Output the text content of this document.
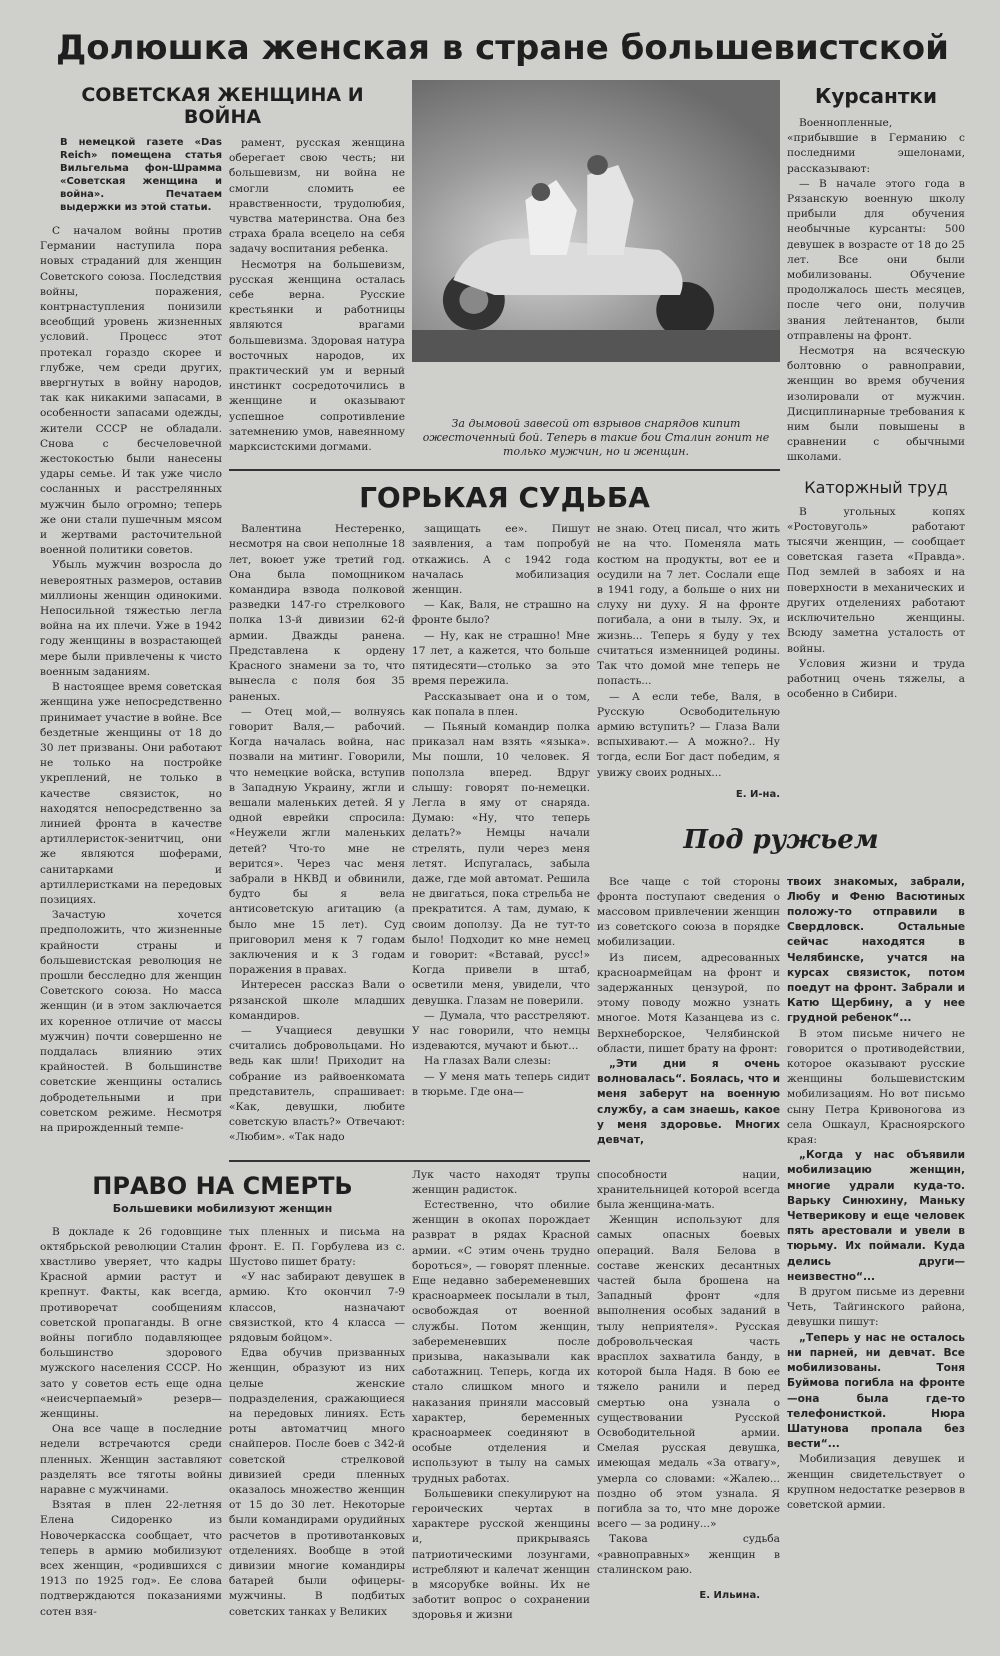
Долюшка женская в стране большевистской
СОВЕТСКАЯ ЖЕНЩИНА И ВОЙНА

В немецкой газете «Das Reich» помещена статья Вильгельма фон-Шрамма «Советская женщина и война». Печатаем выдержки из этой статьи.

С началом войны против Германии наступила пора новых страданий для женщин Советского союза. Последствия войны, поражения, контрнаступления понизили всеобщий уровень жизненных условий. Процесс этот протекал гораздо скорее и глубже, чем среди других, ввергнутых в войну народов, так как никакими запасами, в особенности запасами одежды, жители СССР не обладали. Снова с бесчеловечной жестокостью были нанесены удары семье. И так уже число сосланных и расстрелянных мужчин было огромно; теперь же они стали пушечным мясом и жертвами расточительной военной политики советов.

Убыль мужчин возросла до невероятных размеров, оставив миллионы женщин одинокими. Непосильной тяжестью легла война на их плечи. Уже в 1942 году женщины в возрастающей мере были привлечены к чисто военным заданиям.

В настоящее время советская женщина уже непосредственно принимает участие в войне. Все бездетные женщины от 18 до 30 лет призваны. Они работают не только на постройке укреплений, не только в качестве связисток, но находятся непосредственно за линией фронта в качестве артиллеристок-зенитчиц, они же являются шоферами, санитарками и артиллеристками на передовых позициях.

Зачастую хочется предположить, что жизненные крайности страны и большевистская революция не прошли бесследно для женщин Советского союза. Но масса женщин (и в этом заключается их коренное отличие от массы мужчин) почти совершенно не поддалась влиянию этих крайностей. В большинстве советские женщины остались добродетельными и при советском режиме. Несмотря на прирожденный темпе-

рамент, русская женщина оберегает свою честь; ни большевизм, ни война не смогли сломить ее нравственности, трудолюбия, чувства материнства. Она без страха брала всецело на себя задачу воспитания ребенка.

Несмотря на большевизм, русская женщина осталась себе верна. Русские крестьянки и работницы являются врагами большевизма. Здоровая натура восточных народов, их практический ум и верный инстинкт сосредоточились в женщине и оказывают успешное сопротивление затемнению умов, навеянному марксистскими догмами.

За дымовой завесой от взрывов снарядов кипит ожесточенный бой. Теперь в такие бои Сталин гонит не только мужчин, но и женщин.
Курсантки

Военнопленные, «прибывшие в Германию с последними эшелонами, рассказывают:

— В начале этого года в Рязанскую военную школу прибыли для обучения необычные курсанты: 500 девушек в возрасте от 18 до 25 лет. Все они были мобилизованы. Обучение продолжалось шесть месяцев, после чего они, получив звания лейтенантов, были отправлены на фронт.

Несмотря на всяческую болтовню о равноправии, женщин во время обучения изолировали от мужчин. Дисциплинарные требования к ним были повышены в сравнении с обычными школами.

Каторжный труд

В угольных копях «Ростовуголь» работают тысячи женщин, — сообщает советская газета «Правда». Под землей в забоях и на поверхности в механических и других отделениях работают исключительно женщины. Всюду заметна усталость от войны.

Условия жизни и труда работниц очень тяжелы, а особенно в Сибири.

ГОРЬКАЯ СУДЬБА

Валентина Нестеренко, несмотря на свои неполные 18 лет, воюет уже третий год. Она была помощником командира взвода полковой разведки 147-го стрелкового полка 13-й дивизии 62-й армии. Дважды ранена. Представлена к ордену Красного знамени за то, что вынесла с поля боя 35 раненых.

— Отец мой,— волнуясь говорит Валя,— рабочий. Когда началась война, нас позвали на митинг. Говорили, что немецкие войска, вступив в Западную Украину, жгли и вешали маленьких детей. Я у одной еврейки спросила: «Неужели жгли маленьких детей? Что-то мне не верится». Через час меня забрали в НКВД и обвинили, будто бы я вела антисоветскую агитацию (а было мне 15 лет). Суд приговорил меня к 7 годам заключения и к 3 годам поражения в правах.

Интересен рассказ Вали о рязанской школе младших командиров.

— Учащиеся девушки считались добровольцами. Но ведь как шли! Приходит на собрание из райвоенкомата представитель, спрашивает: «Как, девушки, любите советскую власть?» Отвечают: «Любим». «Так надо

защищать ее». Пишут заявления, а там попробуй откажись. А с 1942 года началась мобилизация женщин.

— Как, Валя, не страшно на фронте было?

— Ну, как не страшно! Мне 17 лет, а кажется, что больше пятидесяти—столько за это время пережила.

Рассказывает она и о том, как попала в плен.

— Пьяный командир полка приказал нам взять «языка». Мы пошли, 10 человек. Я поползла вперед. Вдруг слышу: говорят по-немецки. Легла в яму от снаряда. Думаю: «Ну, что теперь делать?» Немцы начали стрелять, пули через меня летят. Испугалась, забыла даже, где мой автомат. Решила не двигаться, пока стрельба не прекратится. А там, думаю, к своим доползу. Да не тут-то было! Подходит ко мне немец и говорит: «Вставай, русс!» Когда привели в штаб, осветили меня, увидели, что девушка. Глазам не поверили.

— Думала, что расстреляют. У нас говорили, что немцы издеваются, мучают и бьют...

На глазах Вали слезы:

— У меня мать теперь сидит в тюрьме. Где она—

не знаю. Отец писал, что жить не на что. Поменяла мать костюм на продукты, вот ее и осудили на 7 лет. Сослали еще в 1941 году, а больше о них ни слуху ни духу. Я на фронте погибала, а они в тылу. Эх, и жизнь... Теперь я буду у тех считаться изменницей родины. Так что домой мне теперь не попасть...

— А если тебе, Валя, в Русскую Освободительную армию вступить? — Глаза Вали вспыхивают.— А можно?.. Ну тогда, если Бог даст победим, я увижу своих родных...

Е. И-на.
Под ружьем

Все чаще с той стороны фронта поступают сведения о массовом привлечении женщин из советского союза в порядке мобилизации.

Из писем, адресованных красноармейцам на фронт и задержанных цензурой, по этому поводу можно узнать многое. Мотя Казанцева из с. Верхнеборское, Челябинской области, пишет брату на фронт:

„Эти дни я очень волновалась“. Боялась, что и меня заберут на военную службу, а сам знаешь, какое у меня здоровье. Многих девчат,

твоих знакомых, забрали, Любу и Феню Васютиных положу-то отправили в Свердловск. Остальные сейчас находятся в Челябинске, учатся на курсах связисток, потом поедут на фронт. Забрали и Катю Щербину, а у нее грудной ребенок“...

В этом письме ничего не говорится о противодействии, которое оказывают русские женщины большевистским мобилизациям. Но вот письмо сыну Петра Кривоногова из села Ошкаул, Красноярского края:

„Когда у нас объявили мобилизацию женщин, многие удрали куда-то. Варьку Синюхину, Маньку Четверикову и еще человек пять арестовали и увели в тюрьму. Их поймали. Куда делись други—неизвестно“...

В другом письме из деревни Четь, Тайгинского района, девушки пишут:

„Теперь у нас не осталось ни парней, ни девчат. Все мобилизованы. Тоня Буймова погибла на фронте—она была где-то телефонисткой. Нюра Шатунова пропала без вести“...

Мобилизация девушек и женщин свидетельствует о крупном недостатке резервов в советской армии.

ПРАВО НА СМЕРТЬ
Большевики мобилизуют женщин

В докладе к 26 годовщине октябрьской революции Сталин хвастливо уверяет, что кадры Красной армии растут и крепнут. Факты, как всегда, противоречат сообщениям советской пропаганды. В огне войны погибло подавляющее большинство здорового мужского населения СССР. Но зато у советов есть еще одна «неисчерпаемый» резерв—женщины.

Она все чаще в последние недели встречаются среди пленных. Женщин заставляют разделять все тяготы войны наравне с мужчинами.

Взятая в плен 22-летняя Елена Сидоренко из Новочеркасска сообщает, что теперь в армию мобилизуют всех женщин, «родившихся с 1913 по 1925 год». Ее слова подтверждаются показаниями сотен взя-

тых пленных и письма на фронт. Е. П. Горбулева из с. Шустово пишет брату:

«У нас забирают девушек в армию. Кто окончил 7-9 классов, назначают связисткой, кто 4 класса — рядовым бойцом».

Едва обучив призванных женщин, образуют из них целые женские подразделения, сражающиеся на передовых линиях. Есть роты автоматчиц много снайперов. После боев с 342-й советской стрелковой дивизией среди пленных оказалось множество женщин от 15 до 30 лет. Некоторые были командирами орудийных расчетов в противотанковых отделениях. Вообще в этой дивизии многие командиры батарей были офицеры-мужчины. В подбитых советских танках у Великих

Лук часто находят трупы женщин радисток.

Естественно, что обилие женщин в окопах порождает разврат в рядах Красной армии. «С этим очень трудно бороться», — говорят пленные. Еще недавно забеременевших красноармеек посылали в тыл, освобождая от военной службы. Потом женщин, забеременевших после призыва, наказывали как саботажниц. Теперь, когда их стало слишком много и наказания приняли массовый характер, беременных красноармеек соединяют в особые отделения и используют в тылу на самых трудных работах.

Большевики спекулируют на героических чертах в характере русской женщины и, прикрываясь патриотическими лозунгами, истребляют и калечат женщин в мясорубке войны. Их не заботит вопрос о сохранении здоровья и жизни

способности нации, хранительницей которой всегда была женщина-мать.

Женщин используют для самых опасных боевых операций. Валя Белова в составе женских десантных частей была брошена на Западный фронт «для выполнения особых заданий в тылу неприятеля». Русская добровольческая часть врасплох захватила банду, в которой была Надя. В бою ее тяжело ранили и перед смертью она узнала о существовании Русской Освободительной армии. Смелая русская девушка, имеющая медаль «За отвагу», умерла со словами: «Жалею... поздно об этом узнала. Я погибла за то, что мне дороже всего — за родину...»

Такова судьба «равноправных» женщин в сталинском раю.

Е. Ильина.
